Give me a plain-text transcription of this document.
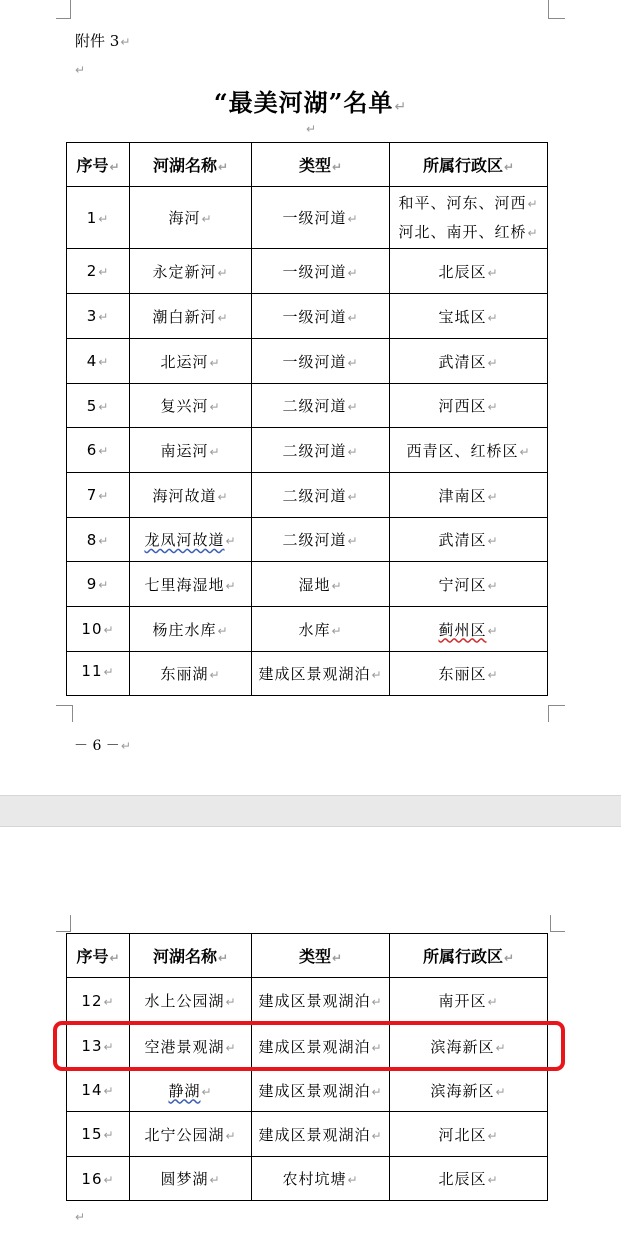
附件 3↵
↵
“最美河湖”名单↵
↵
序号↵	河湖名称↵	类型↵	所属行政区↵
1↵	海河↵	一级河道↵	和平、河东、河西↵
河北、南开、红桥↵

2↵	永定新河↵	一级河道↵	北辰区↵
3↵	潮白新河↵	一级河道↵	宝坻区↵
4↵	北运河↵	一级河道↵	武清区↵
5↵	复兴河↵	二级河道↵	河西区↵
6↵	南运河↵	二级河道↵	西青区、红桥区↵
7↵	海河故道↵	二级河道↵	津南区↵
8↵	龙凤河故道↵	二级河道↵	武清区↵
9↵	七里海湿地↵	湿地↵	宁河区↵
10↵	杨庄水库↵	水库↵	蓟州区↵
11↵	东丽湖↵	建成区景观湖泊↵	东丽区↵
－ 6 －↵
序号↵	河湖名称↵	类型↵	所属行政区↵
12↵	水上公园湖↵	建成区景观湖泊↵	南开区↵
13↵	空港景观湖↵	建成区景观湖泊↵	滨海新区↵
14↵	静湖↵	建成区景观湖泊↵	滨海新区↵
15↵	北宁公园湖↵	建成区景观湖泊↵	河北区↵
16↵	圆梦湖↵	农村坑塘↵	北辰区↵
↵
